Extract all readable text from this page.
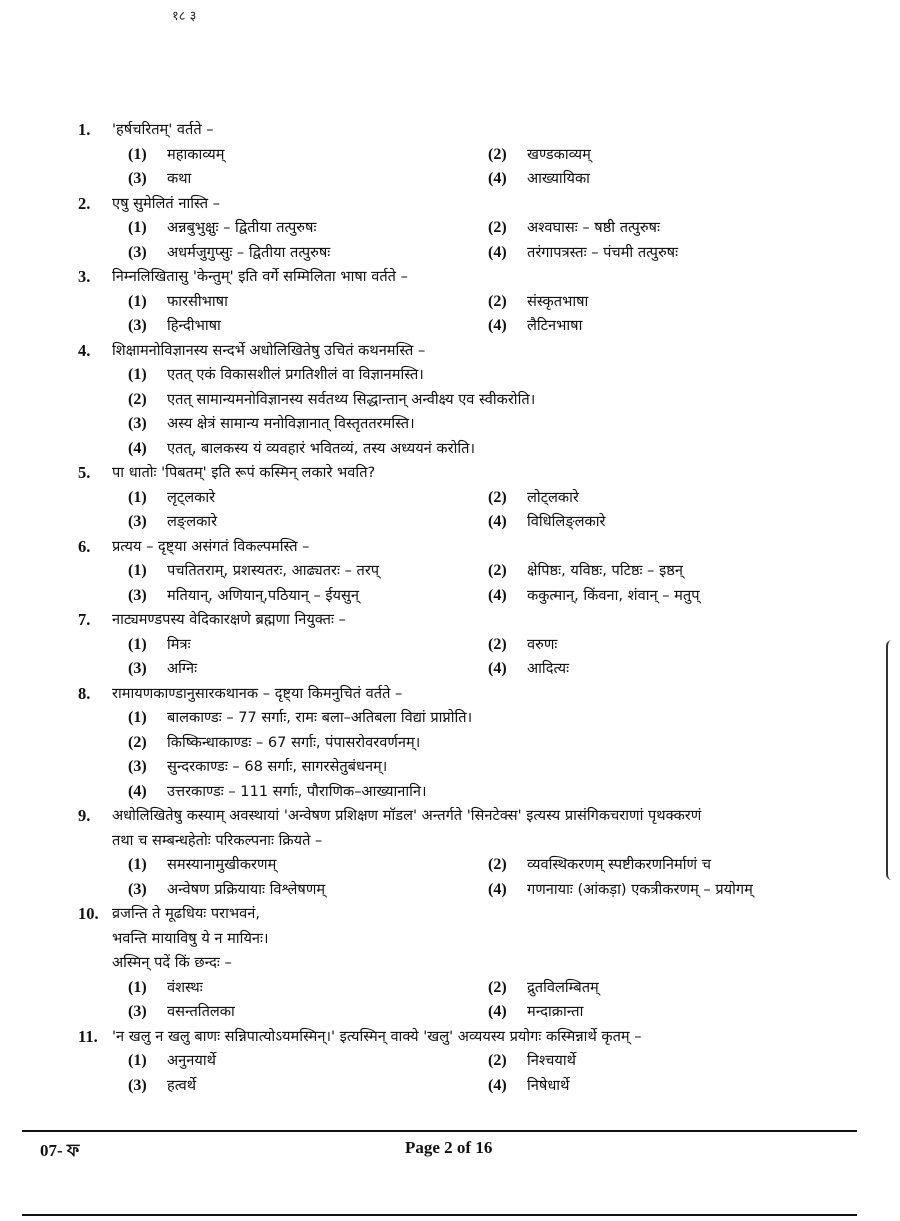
१८ ३
1.	'हर्षचरितम्' वर्तते –
(1)	महाकाव्यम्	(2)	खण्डकाव्यम्
(3)	कथा	(4)	आख्यायिका
2.	एषु सुमेलितं नास्ति –
(1)	अन्नबुभुक्षुः – द्वितीया तत्पुरुषः	(2)	अश्वघासः – षष्ठी तत्पुरुषः
(3)	अधर्मजुगुप्सुः – द्वितीया तत्पुरुषः	(4)	तरंगापत्रस्तः – पंचमी तत्पुरुषः
3.	निम्नलिखितासु 'केन्तुम्' इति वर्गे सम्मिलिता भाषा वर्तते –
(1)	फारसीभाषा	(2)	संस्कृतभाषा
(3)	हिन्दीभाषा	(4)	लैटिनभाषा
4.	शिक्षामनोविज्ञानस्य सन्दर्भे अधोलिखितेषु उचितं कथनमस्ति –
(1)	एतत् एकं विकासशीलं प्रगतिशीलं वा विज्ञानमस्ति।
(2)	एतत् सामान्यमनोविज्ञानस्य सर्वतथ्य सिद्धान्तान् अन्वीक्ष्य एव स्वीकरोति।
(3)	अस्य क्षेत्रं सामान्य मनोविज्ञानात् विस्तृततरमस्ति।
(4)	एतत्, बालकस्य यं व्यवहारं भवितव्यं, तस्य अध्ययनं करोति।
5.	पा धातोः 'पिबतम्' इति रूपं कस्मिन् लकारे भवति?
(1)	लृट्लकारे	(2)	लोट्लकारे
(3)	लङ्लकारे	(4)	विधिलिङ्लकारे
6.	प्रत्यय – दृष्ट्या असंगतं विकल्पमस्ति –
(1)	पचतितराम्, प्रशस्यतरः, आढ्यतरः – तरप्	(2)	क्षेपिष्ठः, यविष्ठः, पटिष्ठः – इष्ठन्
(3)	मतियान्, अणियान्,पठियान् – ईयसुन्	(4)	ककुत्मान्, किंवना, शंवान् – मतुप्
7.	नाट्यमण्डपस्य वेदिकारक्षणे ब्रह्मणा नियुक्तः –
(1)	मित्रः	(2)	वरुणः
(3)	अग्निः	(4)	आदित्यः
8.	रामायणकाण्डानुसारकथानक – दृष्ट्या किमनुचितं वर्तते –
(1)	बालकाण्डः – 77 सर्गाः, रामः बला–अतिबला विद्यां प्राप्नोति।
(2)	किष्किन्धाकाण्डः – 67 सर्गाः, पंपासरोवरवर्णनम्।
(3)	सुन्दरकाण्डः – 68 सर्गाः, सागरसेतुबंधनम्।
(4)	उत्तरकाण्डः – 111 सर्गाः, पौराणिक–आख्यानानि।
9.	अधोलिखितेषु कस्याम् अवस्थायां 'अन्वेषण प्रशिक्षण मॉडल' अन्तर्गते 'सिनटेक्स' इत्यस्य प्रासंगिकचराणां पृथक्करणं
तथा च सम्बन्धहेतोः परिकल्पनाः क्रियते –
(1)	समस्यानामुखीकरणम्	(2)	व्यवस्थिकरणम् स्पष्टीकरणनिर्माणं च
(3)	अन्वेषण प्रक्रियायाः विश्लेषणम्	(4)	गणनायाः (आंकड़ा) एकत्रीकरणम् – प्रयोगम्
10. व्रजन्ति ते मूढधियः पराभवनं,
भवन्ति मायाविषु ये न मायिनः।
अस्मिन् पदें किं छन्दः –
(1)	वंशस्थः	(2)	द्रुतविलम्बितम्
(3)	वसन्ततिलका	(4)	मन्दाक्रान्ता
11. 'न खलु न खलु बाणः सन्निपात्योऽयमस्मिन्।' इत्यस्मिन् वाक्ये 'खलु' अव्ययस्य प्रयोगः कस्मिन्नार्थे कृतम् –
(1)	अनुनयार्थे	(2)	निश्चयार्थे
(3)	हत्वर्थे	(4)	निषेधार्थे
07- ফ	Page 2 of 16
